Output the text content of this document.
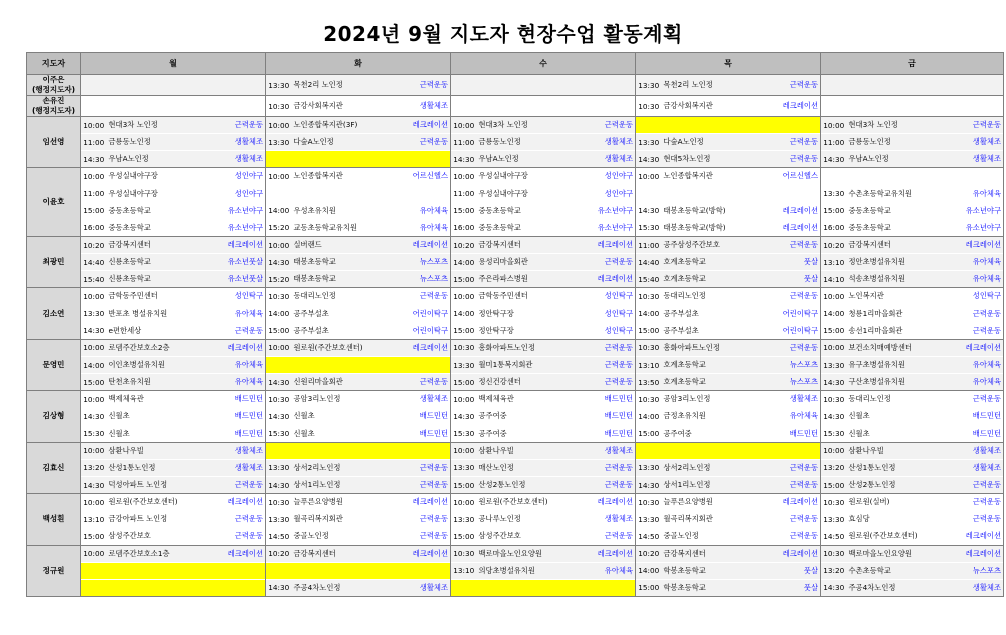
2024년 9월 지도자 현장수업 활동계획
지도자	월			화			수			목			금		
이주은
(행정지도자)				13:30	목천2리 노인정	근력운동				13:30	목천2리 노인정	근력운동			
손유진
(행정지도자)				10:30	금강사회복지관	생활체조				10:30	금강사회복지관	레크레이션			
임선영	10:00	현대3차 노인정	근력운동	10:00	노인종합복지관(3F)	레크레이션	10:00	현대3차 노인정	근력운동				10:00	현대3차 노인정	근력운동
	11:00	금룡동노인정	생활체조	13:30	다숲A노인정	근력운동	11:00	금룡동노인정	생활체조	13:30	다숲A노인정	근력운동	11:00	금룡동노인정	생활체조
	14:30	우남A노인정	생활체조				14:30	우남A노인정	생활체조	14:30	현대5차노인정	근력운동	14:30	우남A노인정	생활체조
이윤호	10:00	우성실내야구장	성인야구	10:00	노인종합복지관	어르신헬스	10:00	우성실내야구장	성인야구	10:00	노인종합복지관	어르신헬스			
	11:00	우성실내야구장	성인야구				11:00	우성실내야구장	성인야구				13:30	수촌초등학교유치원	유아체육
	15:00	중동초등학교	유소년야구	14:00	우성초유치원	유아체육	15:00	중동초등학교	유소년야구	14:30	태봉초등학교(방학)	레크레이션	15:00	중동초등학교	유소년야구
	16:00	중동초등학교	유소년야구	15:20	교동초등학교유치원	유아체육	16:00	중동초등학교	유소년야구	15:30	태봉초등학교(방학)	레크레이션	16:00	중동초등학교	유소년야구
최광민	10:20	금강복지센터	레크레이션	10:00	실버랜드	레크레이션	10:20	금강복지센터	레크레이션	11:00	공주삼성주간보호	근력운동	10:20	금강복지센터	레크레이션
	14:40	신룡초등학교	유소년풋살	14:30	태봉초등학교	뉴스포츠	14:00	용성리마을회관	근력운동	14:40	호계초등학교	풋살	13:10	정안초병설유치원	유아체육
	15:40	신룡초등학교	유소년풋살	15:20	태봉초등학교	뉴스포츠	15:00	주은라파스병원	레크레이션	15:40	호계초등학교	풋살	14:10	석송초병설유치원	유아체육
김소연	10:00	금학동주민센터	성인탁구	10:30	동대리노인정	근력운동	10:00	금학동주민센터	성인탁구	10:30	동대리노인정	근력운동	10:00	노인복지관	성인탁구
	13:30	반포초 병설유치원	유아체육	14:00	공주부설초	어린이탁구	14:00	정안탁구장	성인탁구	14:00	공주부설초	어린이탁구	14:00	청룡1리마을회관	근력운동
	14:30	e편한세상	근력운동	15:00	공주부설초	어린이탁구	15:00	정안탁구장	성인탁구	15:00	공주부설초	어린이탁구	15:00	송선1리마을회관	근력운동
문영민	10:00	로뎀주간보호소2층	레크레이션	10:00	원로원(주간보호센터)	레크레이션	10:30	흥화아파트노인정	근력운동	10:30	흥화아파트노인정	근력운동	10:00	보건소치매예방센터	레크레이션
	14:00	이인초병설유치원	유아체육				13:30	월미1통복지회관	근력운동	13:10	호계초등학교	뉴스포츠	13:30	유구초병설유치원	유아체육
	15:00	탄천초유치원	유아체육	14:30	신원리마을회관	근력운동	15:00	정신건강센터	근력운동	13:50	호계초등학교	뉴스포츠	14:30	구산초병설유치원	유아체육
김상형	10:00	백제체육관	배드민턴	10:30	공암3리노인정	생활체조	10:00	백제체육관	배드민턴	10:30	공암3리노인정	생활체조	10:30	동대리노인정	근력운동
	14:30	신월초	배드민턴	14:30	신월초	배드민턴	14:30	공주여중	배드민턴	14:00	금정초유치원	유아체육	14:30	신월초	배드민턴
	15:30	신월초	배드민턴	15:30	신월초	배드민턴	15:30	공주여중	배드민턴	15:00	공주여중	배드민턴	15:30	신월초	배드민턴
김효신	10:00	삼환나우빌	생활체조				10:00	삼환나우빌	생활체조				10:00	삼환나우빌	생활체조
	13:20	산성1통노인정	생활체조	13:30	상서2리노인정	근력운동	13:30	매산노인정	근력운동	13:30	상서2리노인정	근력운동	13:20	산성1통노인정	생활체조
	14:30	덕성아파트 노인정	근력운동	14:30	상서1리노인정	근력운동	15:00	산성2통노인정	근력운동	14:30	상서1리노인정	근력운동	15:00	산성2통노인정	근력운동
백성흰	10:00	원로원(주간보호센터)	레크레이션	10:30	늘푸른요양병원	레크레이션	10:00	원로원(주간보호센터)	레크레이션	10:30	늘푸른요양병원	레크레이션	10:30	원로원(실버)	근력운동
	13:10	금강아파트 노인정	근력운동	13:30	월곡리복지회관	근력운동	13:30	공나루노인정	생활체조	13:30	월곡리복지회관	근력운동	13:30	효심당	근력운동
	15:00	삼성주간보호	근력운동	14:50	중골노인정	근력운동	15:00	삼성주간보호	근력운동	14:50	중골노인정	근력운동	14:50	원로원(주간보호센터)	레크레이션
정규원	10:00	로뎀주간보호소1층	레크레이션	10:20	금강복지센터	레크레이션	10:30	백로마을노인요양원	레크레이션	10:20	금강복지센터	레크레이션	10:30	백로마을노인요양원	레크레이션
							13:10	의당초병설유치원	유아체육	14:00	학봉초등학교	풋살	13:20	수촌초등학교	뉴스포츠
				14:30	주공4차노인정	생활체조				15:00	학봉초등학교	풋살	14:30	주공4차노인정	생활체조
